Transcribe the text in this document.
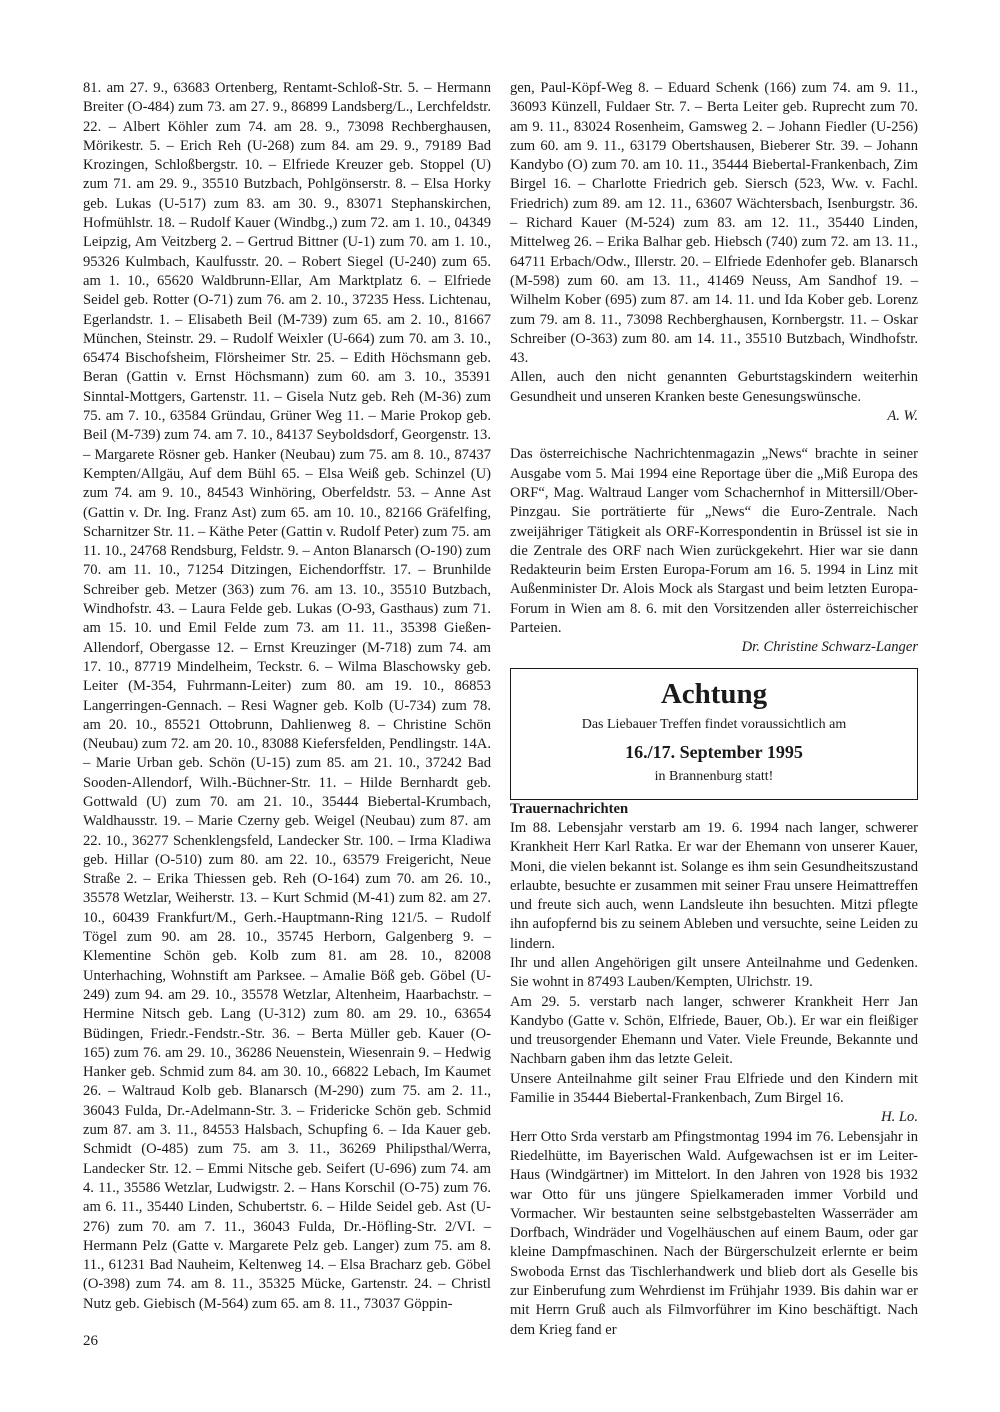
81. am 27. 9., 63683 Ortenberg, Rentamt-Schloß-Str. 5. – Hermann Breiter (O-484) zum 73. am 27. 9., 86899 Landsberg/L., Lerchfeldstr. 22. – Albert Köhler zum 74. am 28. 9., 73098 Rechberghausen, Mörikestr. 5. – Erich Reh (U-268) zum 84. am 29. 9., 79189 Bad Krozingen, Schloßbergstr. 10. – Elfriede Kreuzer geb. Stoppel (U) zum 71. am 29. 9., 35510 Butzbach, Pohlgönserstr. 8. – Elsa Horky geb. Lukas (U-517) zum 83. am 30. 9., 83071 Stephanskirchen, Hofmühlstr. 18. – Rudolf Kauer (Windbg.,) zum 72. am 1. 10., 04349 Leipzig, Am Veitzberg 2. – Gertrud Bittner (U-1) zum 70. am 1. 10., 95326 Kulmbach, Kaulfusstr. 20. – Robert Siegel (U-240) zum 65. am 1. 10., 65620 Waldbrunn-Ellar, Am Marktplatz 6. – Elfriede Seidel geb. Rotter (O-71) zum 76. am 2. 10., 37235 Hess. Lichtenau, Egerlandstr. 1. – Elisabeth Beil (M-739) zum 65. am 2. 10., 81667 München, Steinstr. 29. – Rudolf Weixler (U-664) zum 70. am 3. 10., 65474 Bischofsheim, Flörsheimer Str. 25. – Edith Höchsmann geb. Beran (Gattin v. Ernst Höchsmann) zum 60. am 3. 10., 35391 Sinntal-Mottgers, Gartenstr. 11. – Gisela Nutz geb. Reh (M-36) zum 75. am 7. 10., 63584 Gründau, Grüner Weg 11. – Marie Prokop geb. Beil (M-739) zum 74. am 7. 10., 84137 Seyboldsdorf, Georgenstr. 13. – Margarete Rösner geb. Hanker (Neubau) zum 75. am 8. 10., 87437 Kempten/Allgäu, Auf dem Bühl 65. – Elsa Weiß geb. Schinzel (U) zum 74. am 9. 10., 84543 Winhöring, Oberfeldstr. 53. – Anne Ast (Gattin v. Dr. Ing. Franz Ast) zum 65. am 10. 10., 82166 Gräfelfing, Scharnitzer Str. 11. – Käthe Peter (Gattin v. Rudolf Peter) zum 75. am 11. 10., 24768 Rendsburg, Feldstr. 9. – Anton Blanarsch (O-190) zum 70. am 11. 10., 71254 Ditzingen, Eichendorffstr. 17. – Brunhilde Schreiber geb. Metzer (363) zum 76. am 13. 10., 35510 Butzbach, Windhofstr. 43. – Laura Felde geb. Lukas (O-93, Gasthaus) zum 71. am 15. 10. und Emil Felde zum 73. am 11. 11., 35398 Gießen-Allendorf, Obergasse 12. – Ernst Kreuzinger (M-718) zum 74. am 17. 10., 87719 Mindelheim, Teckstr. 6. – Wilma Blaschowsky geb. Leiter (M-354, Fuhrmann-Leiter) zum 80. am 19. 10., 86853 Langerringen-Gennach. – Resi Wagner geb. Kolb (U-734) zum 78. am 20. 10., 85521 Ottobrunn, Dahlienweg 8. – Christine Schön (Neubau) zum 72. am 20. 10., 83088 Kiefersfelden, Pendlingstr. 14A. – Marie Urban geb. Schön (U-15) zum 85. am 21. 10., 37242 Bad Sooden-Allendorf, Wilh.-Büchner-Str. 11. – Hilde Bernhardt geb. Gottwald (U) zum 70. am 21. 10., 35444 Biebertal-Krumbach, Waldhausstr. 19. – Marie Czerny geb. Weigel (Neubau) zum 87. am 22. 10., 36277 Schenklengsfeld, Landecker Str. 100. – Irma Kladiwa geb. Hillar (O-510) zum 80. am 22. 10., 63579 Freigericht, Neue Straße 2. – Erika Thiessen geb. Reh (O-164) zum 70. am 26. 10., 35578 Wetzlar, Weiherstr. 13. – Kurt Schmid (M-41) zum 82. am 27. 10., 60439 Frankfurt/M., Gerh.-Hauptmann-Ring 121/5. – Rudolf Tögel zum 90. am 28. 10., 35745 Herborn, Galgenberg 9. – Klementine Schön geb. Kolb zum 81. am 28. 10., 82008 Unterhaching, Wohnstift am Parksee. – Amalie Böß geb. Göbel (U-249) zum 94. am 29. 10., 35578 Wetzlar, Altenheim, Haarbachstr. – Hermine Nitsch geb. Lang (U-312) zum 80. am 29. 10., 63654 Büdingen, Friedr.-Fendstr.-Str. 36. – Berta Müller geb. Kauer (O-165) zum 76. am 29. 10., 36286 Neuenstein, Wiesenrain 9. – Hedwig Hanker geb. Schmid zum 84. am 30. 10., 66822 Lebach, Im Kaumet 26. – Waltraud Kolb geb. Blanarsch (M-290) zum 75. am 2. 11., 36043 Fulda, Dr.-Adelmann-Str. 3. – Fridericke Schön geb. Schmid zum 87. am 3. 11., 84553 Halsbach, Schupfing 6. – Ida Kauer geb. Schmidt (O-485) zum 75. am 3. 11., 36269 Philipsthal/Werra, Landecker Str. 12. – Emmi Nitsche geb. Seifert (U-696) zum 74. am 4. 11., 35586 Wetzlar, Ludwigstr. 2. – Hans Korschil (O-75) zum 76. am 6. 11., 35440 Linden, Schubertstr. 6. – Hilde Seidel geb. Ast (U-276) zum 70. am 7. 11., 36043 Fulda, Dr.-Höfling-Str. 2/VI. – Hermann Pelz (Gatte v. Margarete Pelz geb. Langer) zum 75. am 8. 11., 61231 Bad Nauheim, Keltenweg 14. – Elsa Bracharz geb. Göbel (O-398) zum 74. am 8. 11., 35325 Mücke, Gartenstr. 24. – Christl Nutz geb. Giebisch (M-564) zum 65. am 8. 11., 73037 Göppin-

gen, Paul-Köpf-Weg 8. – Eduard Schenk (166) zum 74. am 9. 11., 36093 Künzell, Fuldaer Str. 7. – Berta Leiter geb. Ruprecht zum 70. am 9. 11., 83024 Rosenheim, Gamsweg 2. – Johann Fiedler (U-256) zum 60. am 9. 11., 63179 Obertshausen, Bieberer Str. 39. – Johann Kandybo (O) zum 70. am 10. 11., 35444 Biebertal-Frankenbach, Zim Birgel 16. – Charlotte Friedrich geb. Siersch (523, Ww. v. Fachl. Friedrich) zum 89. am 12. 11., 63607 Wächtersbach, Isenburgstr. 36. – Richard Kauer (M-524) zum 83. am 12. 11., 35440 Linden, Mittelweg 26. – Erika Balhar geb. Hiebsch (740) zum 72. am 13. 11., 64711 Erbach/Odw., Illerstr. 20. – Elfriede Edenhofer geb. Blanarsch (M-598) zum 60. am 13. 11., 41469 Neuss, Am Sandhof 19. – Wilhelm Kober (695) zum 87. am 14. 11. und Ida Kober geb. Lorenz zum 79. am 8. 11., 73098 Rechberghausen, Kornbergstr. 11. – Oskar Schreiber (O-363) zum 80. am 14. 11., 35510 Butzbach, Windhofstr. 43.

Allen, auch den nicht genannten Geburtstagskindern weiterhin Gesundheit und unseren Kranken beste Genesungswünsche.

A. W.

Das österreichische Nachrichtenmagazin „News“ brachte in seiner Ausgabe vom 5. Mai 1994 eine Reportage über die „Miß Europa des ORF“, Mag. Waltraud Langer vom Schachernhof in Mittersill/Ober-Pinzgau. Sie porträtierte für „News“ die Euro-Zentrale. Nach zweijähriger Tätigkeit als ORF-Korrespondentin in Brüssel ist sie in die Zentrale des ORF nach Wien zurückgekehrt. Hier war sie dann Redakteurin beim Ersten Europa-Forum am 16. 5. 1994 in Linz mit Außenminister Dr. Alois Mock als Stargast und beim letzten Europa-Forum in Wien am 8. 6. mit den Vorsitzenden aller österreichischer Parteien.

Dr. Christine Schwarz-Langer

Achtung
Das Liebauer Treffen findet voraussichtlich am
16./17. September 1995
in Brannenburg statt!

Trauernachrichten

Im 88. Lebensjahr verstarb am 19. 6. 1994 nach langer, schwerer Krankheit Herr Karl Ratka. Er war der Ehemann von unserer Kauer, Moni, die vielen bekannt ist. Solange es ihm sein Gesundheitszustand erlaubte, besuchte er zusammen mit seiner Frau unsere Heimattreffen und freute sich auch, wenn Landsleute ihn besuchten. Mitzi pflegte ihn aufopfernd bis zu seinem Ableben und versuchte, seine Leiden zu lindern.

Ihr und allen Angehörigen gilt unsere Anteilnahme und Gedenken. Sie wohnt in 87493 Lauben/Kempten, Ulrichstr. 19.

Am 29. 5. verstarb nach langer, schwerer Krankheit Herr Jan Kandybo (Gatte v. Schön, Elfriede, Bauer, Ob.). Er war ein fleißiger und treusorgender Ehemann und Vater. Viele Freunde, Bekannte und Nachbarn gaben ihm das letzte Geleit.

Unsere Anteilnahme gilt seiner Frau Elfriede und den Kindern mit Familie in 35444 Biebertal-Frankenbach, Zum Birgel 16.

H. Lo.

Herr Otto Srda verstarb am Pfingstmontag 1994 im 76. Lebensjahr in Riedelhütte, im Bayerischen Wald. Aufgewachsen ist er im Leiter-Haus (Windgärtner) im Mittelort. In den Jahren von 1928 bis 1932 war Otto für uns jüngere Spielkameraden immer Vorbild und Vormacher. Wir bestaunten seine selbstgebastelten Wasserräder am Dorfbach, Windräder und Vogelhäuschen auf einem Baum, oder gar kleine Dampfmaschinen. Nach der Bürgerschulzeit erlernte er beim Swoboda Ernst das Tischlerhandwerk und blieb dort als Geselle bis zur Einberufung zum Wehrdienst im Frühjahr 1939. Bis dahin war er mit Herrn Gruß auch als Filmvorführer im Kino beschäftigt. Nach dem Krieg fand er

26
